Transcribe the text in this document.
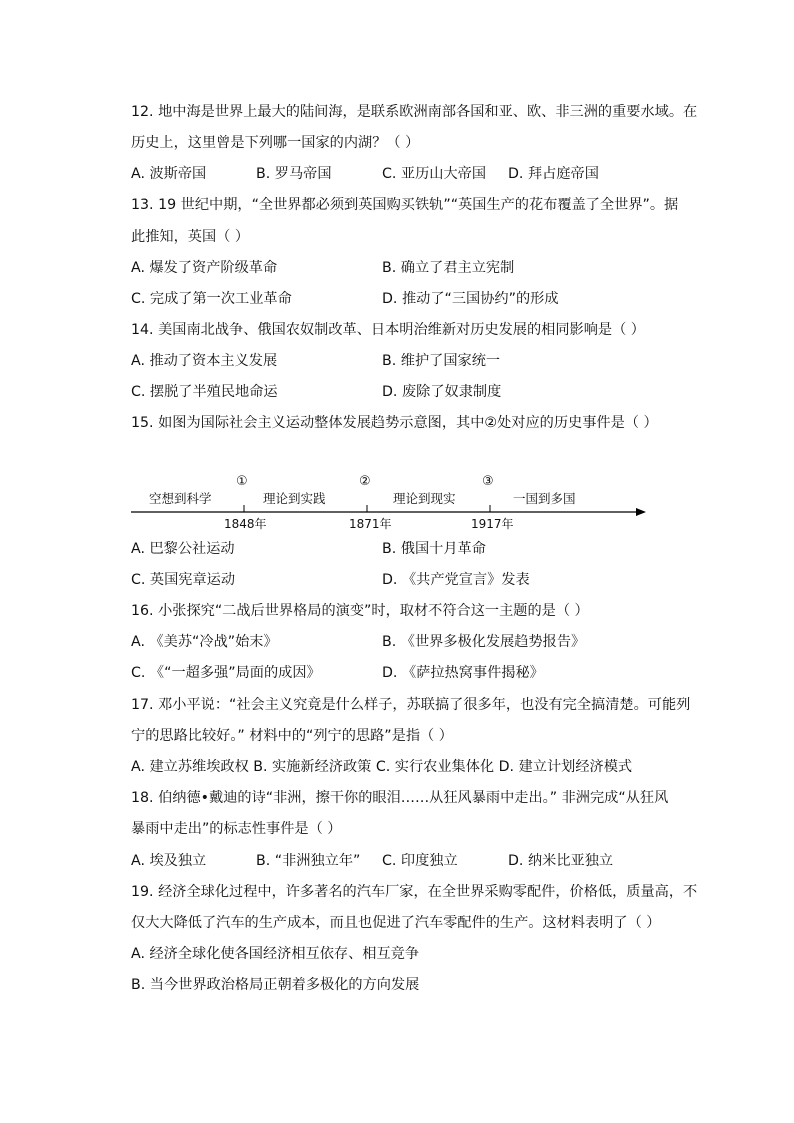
12. 地中海是世界上最大的陆间海，是联系欧洲南部各国和亚、欧、非三洲的重要水域。在
历史上，这里曾是下列哪一国家的内湖？（ ）
A. 波斯帝国	B. 罗马帝国	C. 亚历山大帝国 D. 拜占庭帝国
13. 19 世纪中期，“全世界都必须到英国购买铁轨”“英国生产的花布覆盖了全世界”。据
此推知，英国（ ）
A. 爆发了资产阶级革命	B. 确立了君主立宪制
C. 完成了第一次工业革命	D. 推动了“三国协约”的形成
14. 美国南北战争、俄国农奴制改革、日本明治维新对历史发展的相同影响是（ ）
A. 推动了资本主义发展	B. 维护了国家统一
C. 摆脱了半殖民地命运	D. 废除了奴隶制度
15. 如图为国际社会主义运动整体发展趋势示意图，其中②处对应的历史事件是（ ）
①	②	③
空想到科学	理论到实践	理论到现实	一国到多国
1848年	1871年	1917年
A. 巴黎公社运动	B. 俄国十月革命
C. 英国宪章运动	D. 《共产党宣言》发表
16. 小张探究“二战后世界格局的演变”时，取材不符合这一主题的是（ ）
A. 《美苏“冷战”始末》	B. 《世界多极化发展趋势报告》
C. 《“一超多强”局面的成因》	D. 《萨拉热窝事件揭秘》
17. 邓小平说：“社会主义究竟是什么样子，苏联搞了很多年，也没有完全搞清楚。可能列
宁的思路比较好。” 材料中的“列宁的思路”是指（ ）
A. 建立苏维埃政权 B. 实施新经济政策 C. 实行农业集体化 D. 建立计划经济模式
18. 伯纳德•戴迪的诗“非洲，擦干你的眼泪……从狂风暴雨中走出。” 非洲完成“从狂风
暴雨中走出”的标志性事件是（ ）
A. 埃及独立	B. “非洲独立年” C. 印度独立	D. 纳米比亚独立
19. 经济全球化过程中，许多著名的汽车厂家，在全世界采购零配件，价格低，质量高，不
仅大大降低了汽车的生产成本，而且也促进了汽车零配件的生产。这材料表明了（ ）
A. 经济全球化使各国经济相互依存、相互竞争
B. 当今世界政治格局正朝着多极化的方向发展
